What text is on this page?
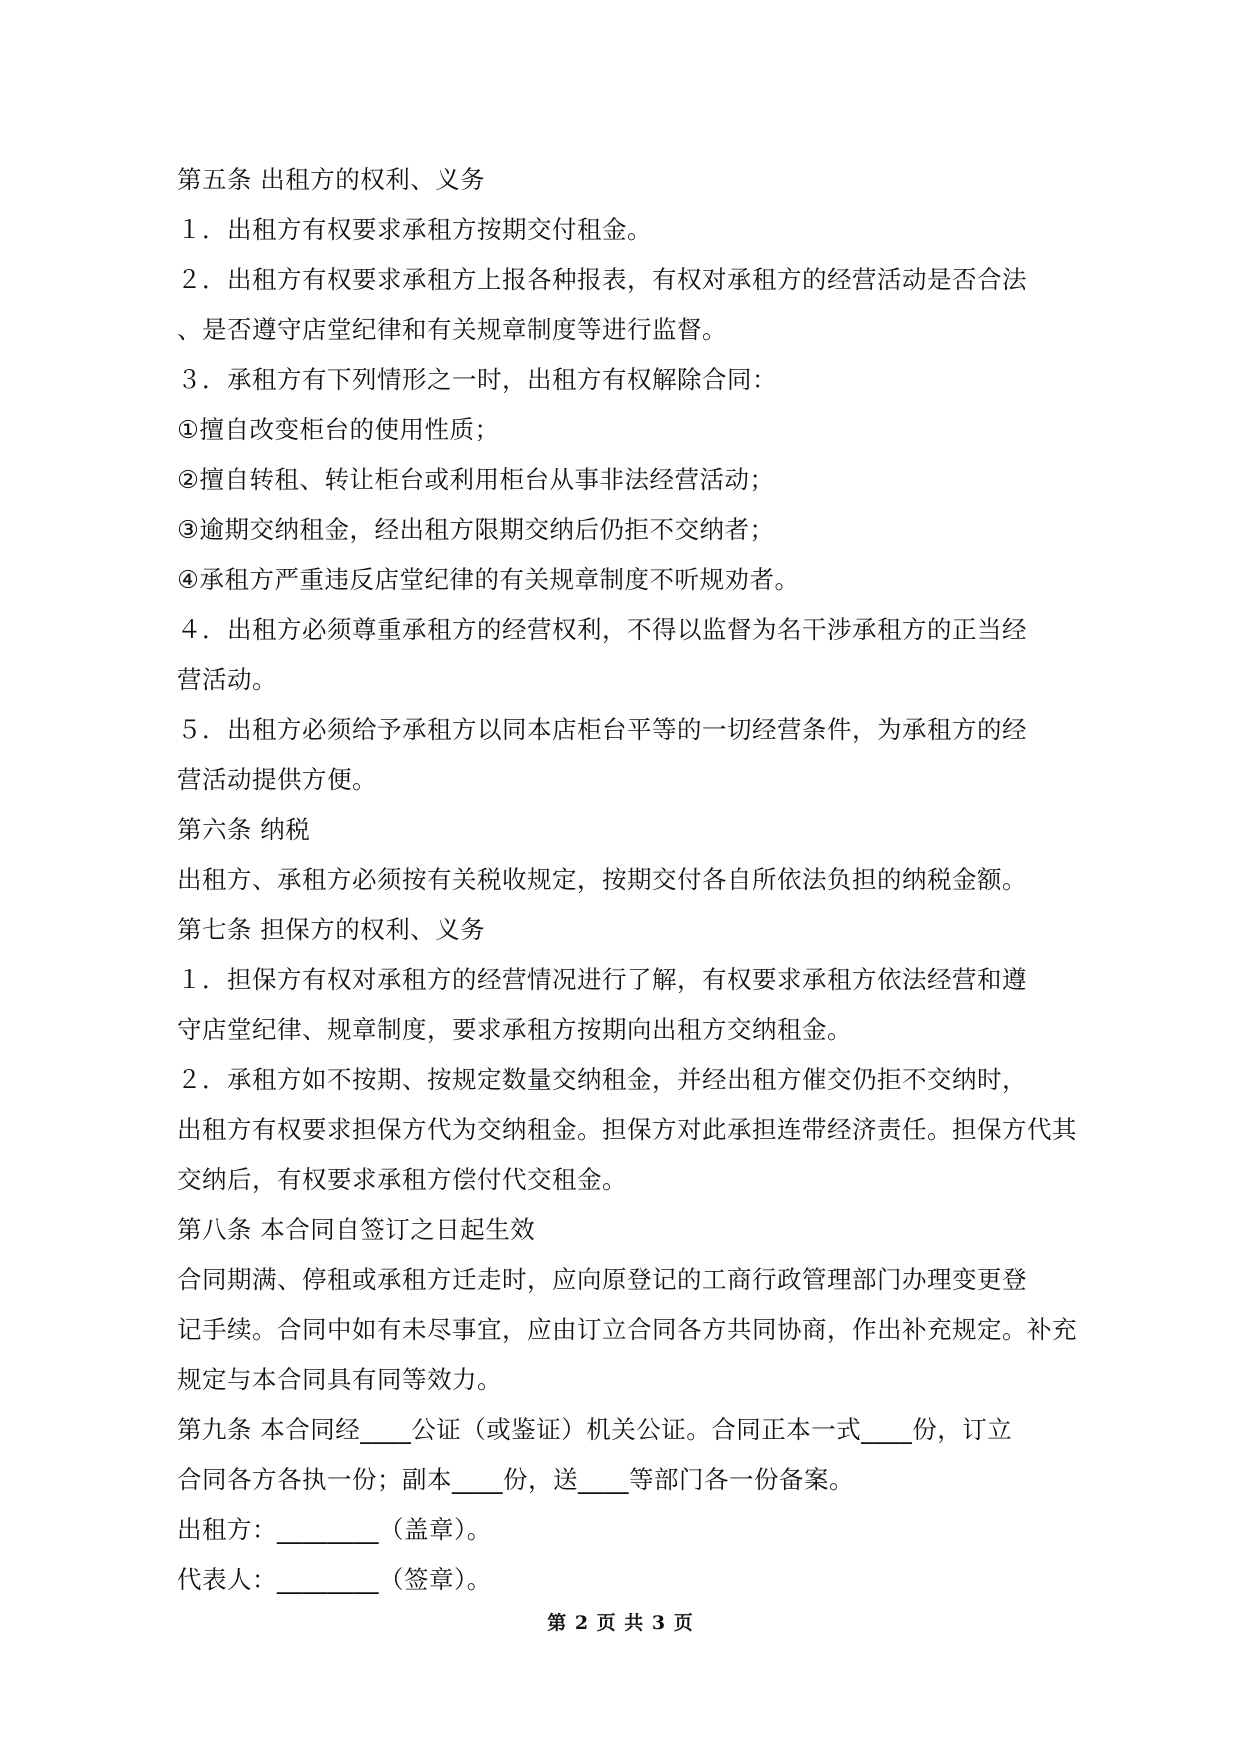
第五条 出租方的权利、义务
１．出租方有权要求承租方按期交付租金。
２．出租方有权要求承租方上报各种报表，有权对承租方的经营活动是否合法
、是否遵守店堂纪律和有关规章制度等进行监督。
３．承租方有下列情形之一时，出租方有权解除合同：
①擅自改变柜台的使用性质；
②擅自转租、转让柜台或利用柜台从事非法经营活动；
③逾期交纳租金，经出租方限期交纳后仍拒不交纳者；
④承租方严重违反店堂纪律的有关规章制度不听规劝者。
４．出租方必须尊重承租方的经营权利，不得以监督为名干涉承租方的正当经
营活动。
５．出租方必须给予承租方以同本店柜台平等的一切经营条件，为承租方的经
营活动提供方便。
第六条 纳税
出租方、承租方必须按有关税收规定，按期交付各自所依法负担的纳税金额。
第七条 担保方的权利、义务
１．担保方有权对承租方的经营情况进行了解，有权要求承租方依法经营和遵
守店堂纪律、规章制度，要求承租方按期向出租方交纳租金。
２．承租方如不按期、按规定数量交纳租金，并经出租方催交仍拒不交纳时，
出租方有权要求担保方代为交纳租金。担保方对此承担连带经济责任。担保方代其
交纳后，有权要求承租方偿付代交租金。
第八条 本合同自签订之日起生效
合同期满、停租或承租方迁走时，应向原登记的工商行政管理部门办理变更登
记手续。合同中如有未尽事宜，应由订立合同各方共同协商，作出补充规定。补充
规定与本合同具有同等效力。
第九条 本合同经____公证（或鉴证）机关公证。合同正本一式____份，订立
合同各方各执一份；副本____份，送____等部门各一份备案。
出租方：________（盖章）。
代表人：________（签章）。
第 2 页 共 3 页
